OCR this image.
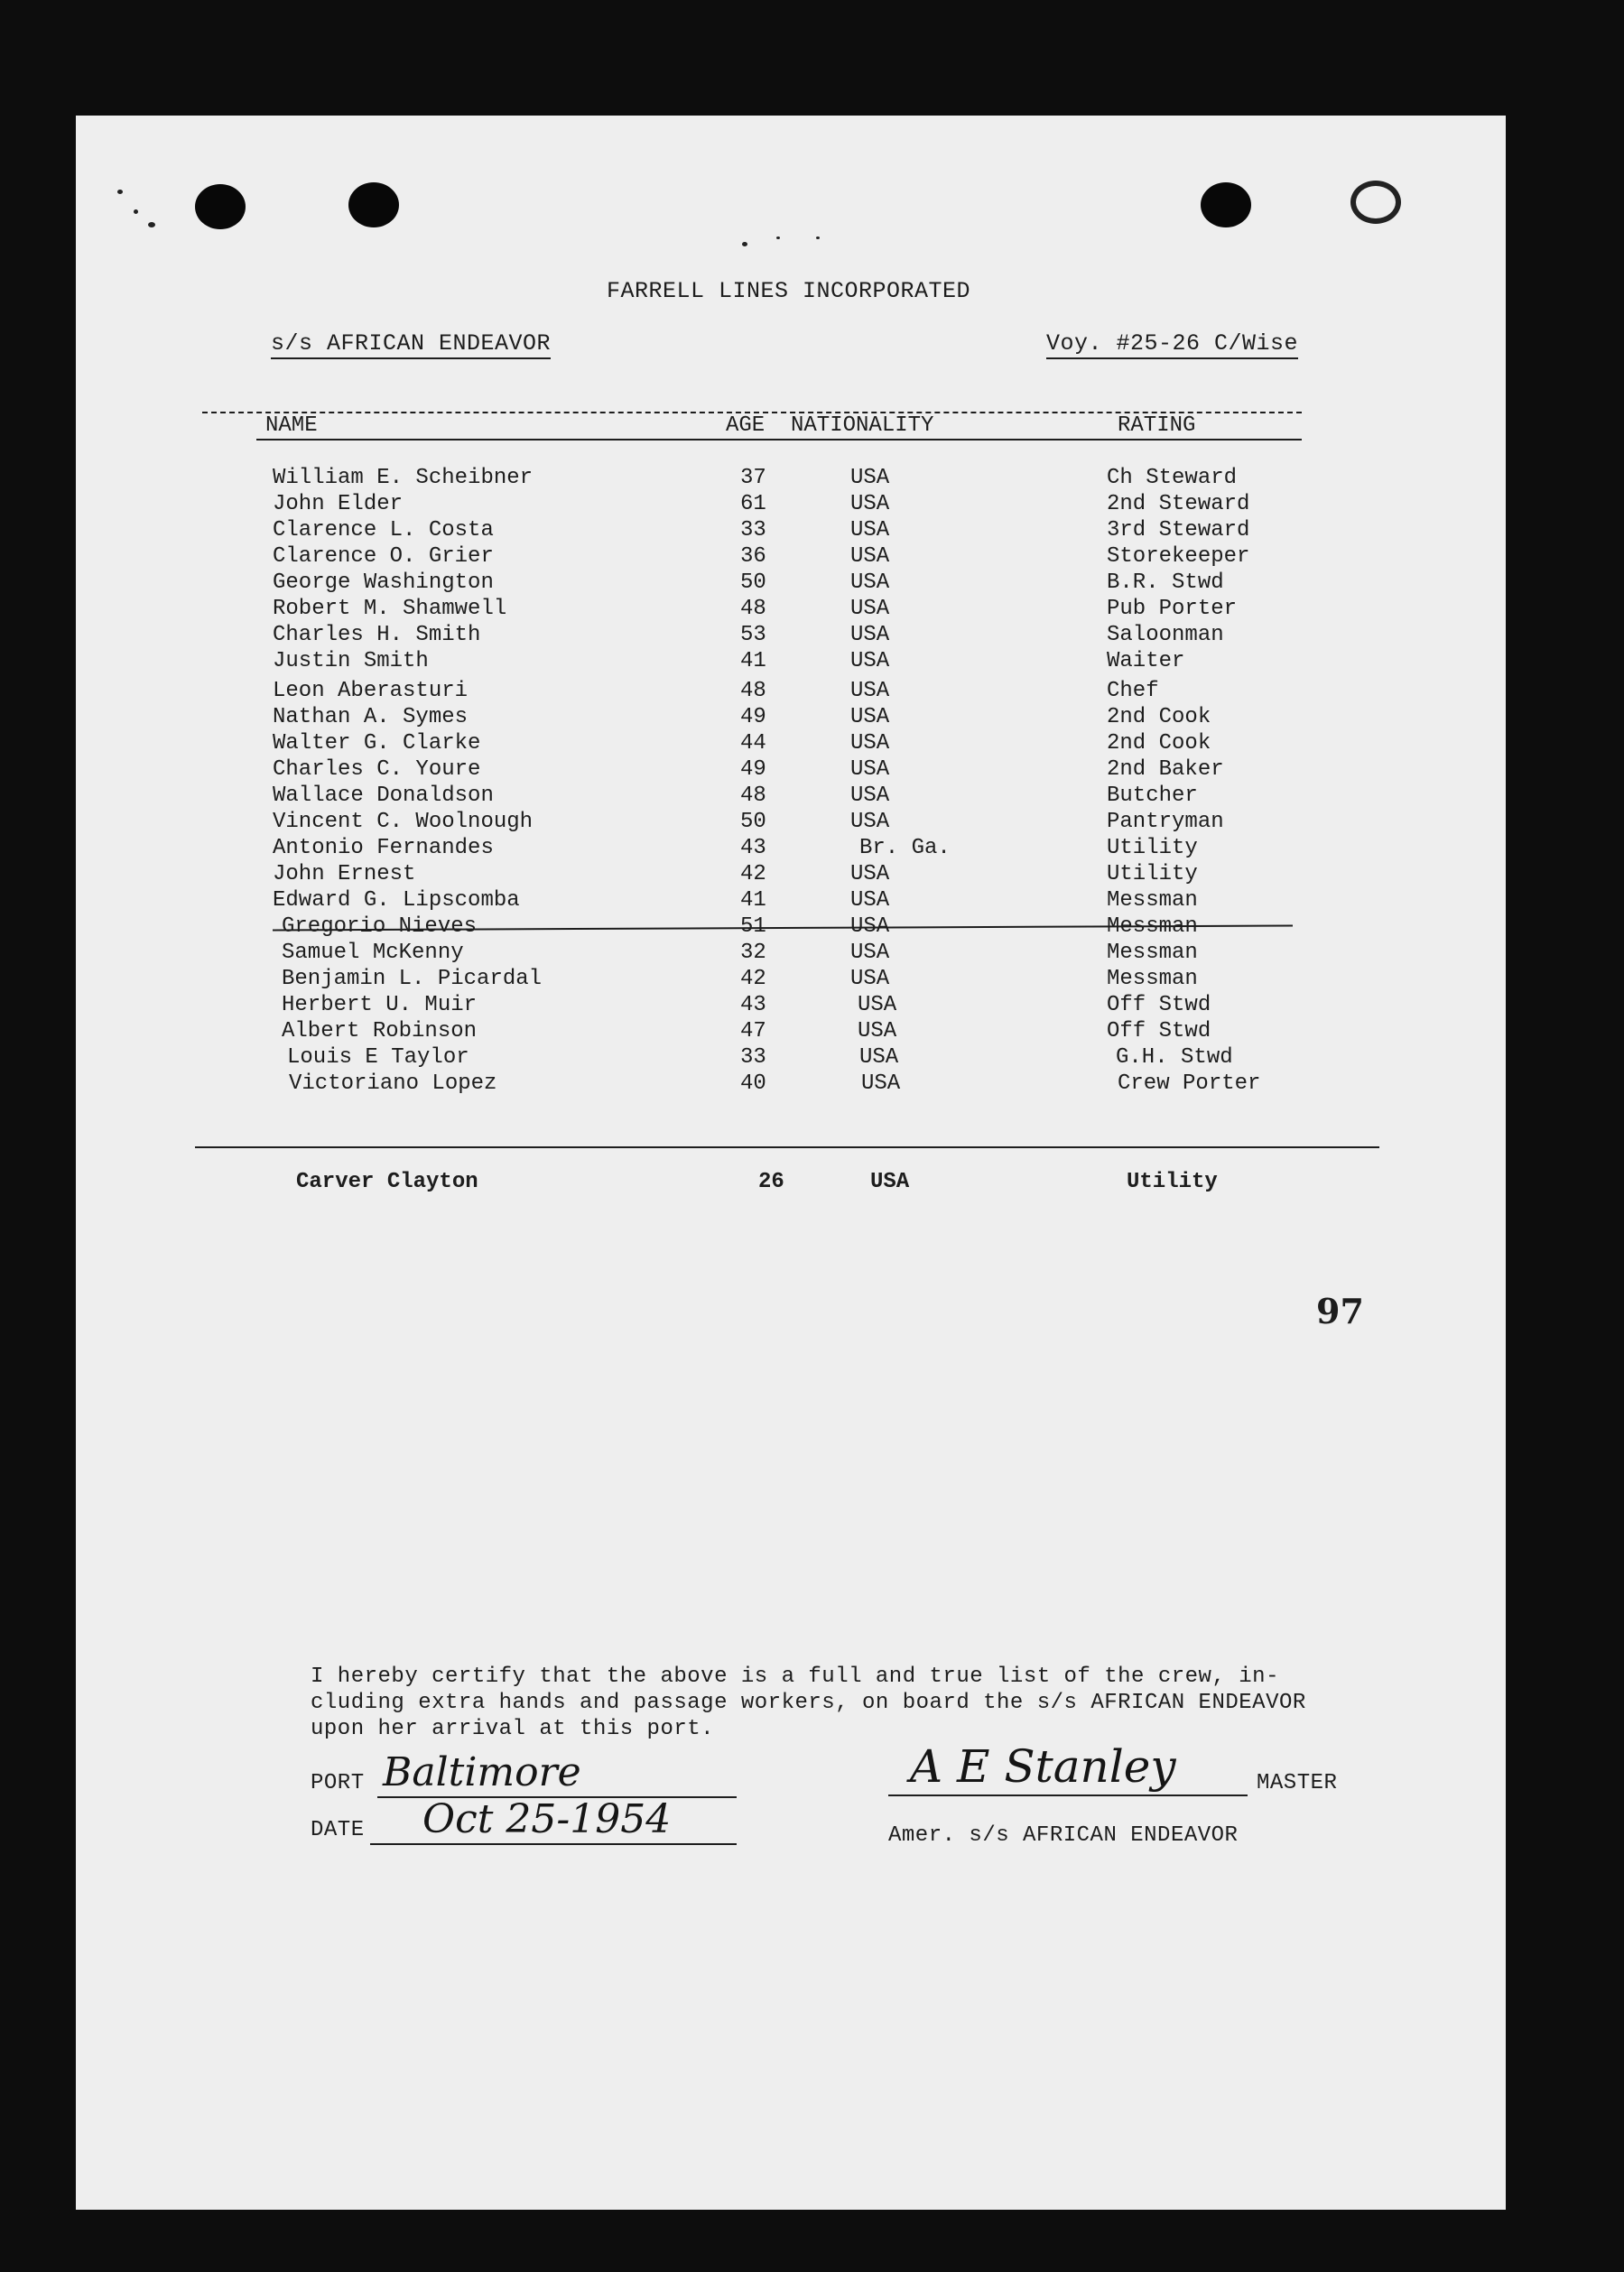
FARRELL LINES INCORPORATED
s/s AFRICAN ENDEAVOR	Voy. #25-26 C/Wise
NAME	AGE NATIONALITY	RATING
William E. Scheibner	37	USA	Ch Steward
John Elder	61	USA	2nd Steward
Clarence L. Costa	33	USA	3rd Steward
Clarence O. Grier	36	USA	Storekeeper
George Washington	50	USA	B.R. Stwd
Robert M. Shamwell	48	USA	Pub Porter
Charles H. Smith	53	USA	Saloonman
Justin Smith	41	USA	Waiter
Leon Aberasturi	48	USA	Chef
Nathan A. Symes	49	USA	2nd Cook
Walter G. Clarke	44	USA	2nd Cook
Charles C. Youre	49	USA	2nd Baker
Wallace Donaldson	48	USA	Butcher
Vincent C. Woolnough	50	USA	Pantryman
Antonio Fernandes	43	Br. Ga.	Utility
John Ernest	42	USA	Utility
Edward G. Lipscomba	41	USA	Messman
Gregorio Nieves	51	USA	Messman
Samuel McKenny	32	USA	Messman
Benjamin L. Picardal	42	USA	Messman
Herbert U. Muir	43	USA	Off Stwd
Albert Robinson	47	USA	Off Stwd
Louis E Taylor	33	USA	G.H. Stwd
Victoriano Lopez	40	USA	Crew Porter
Carver Clayton	26	USA	Utility
97
I hereby certify that the above is a full and true list of the crew, in-
cluding extra hands and passage workers, on board the s/s AFRICAN ENDEAVOR
upon her arrival at this port.
PORT Baltimore
DATE Oct 25-1954
A E Stanley	MASTER
Amer. s/s AFRICAN ENDEAVOR
